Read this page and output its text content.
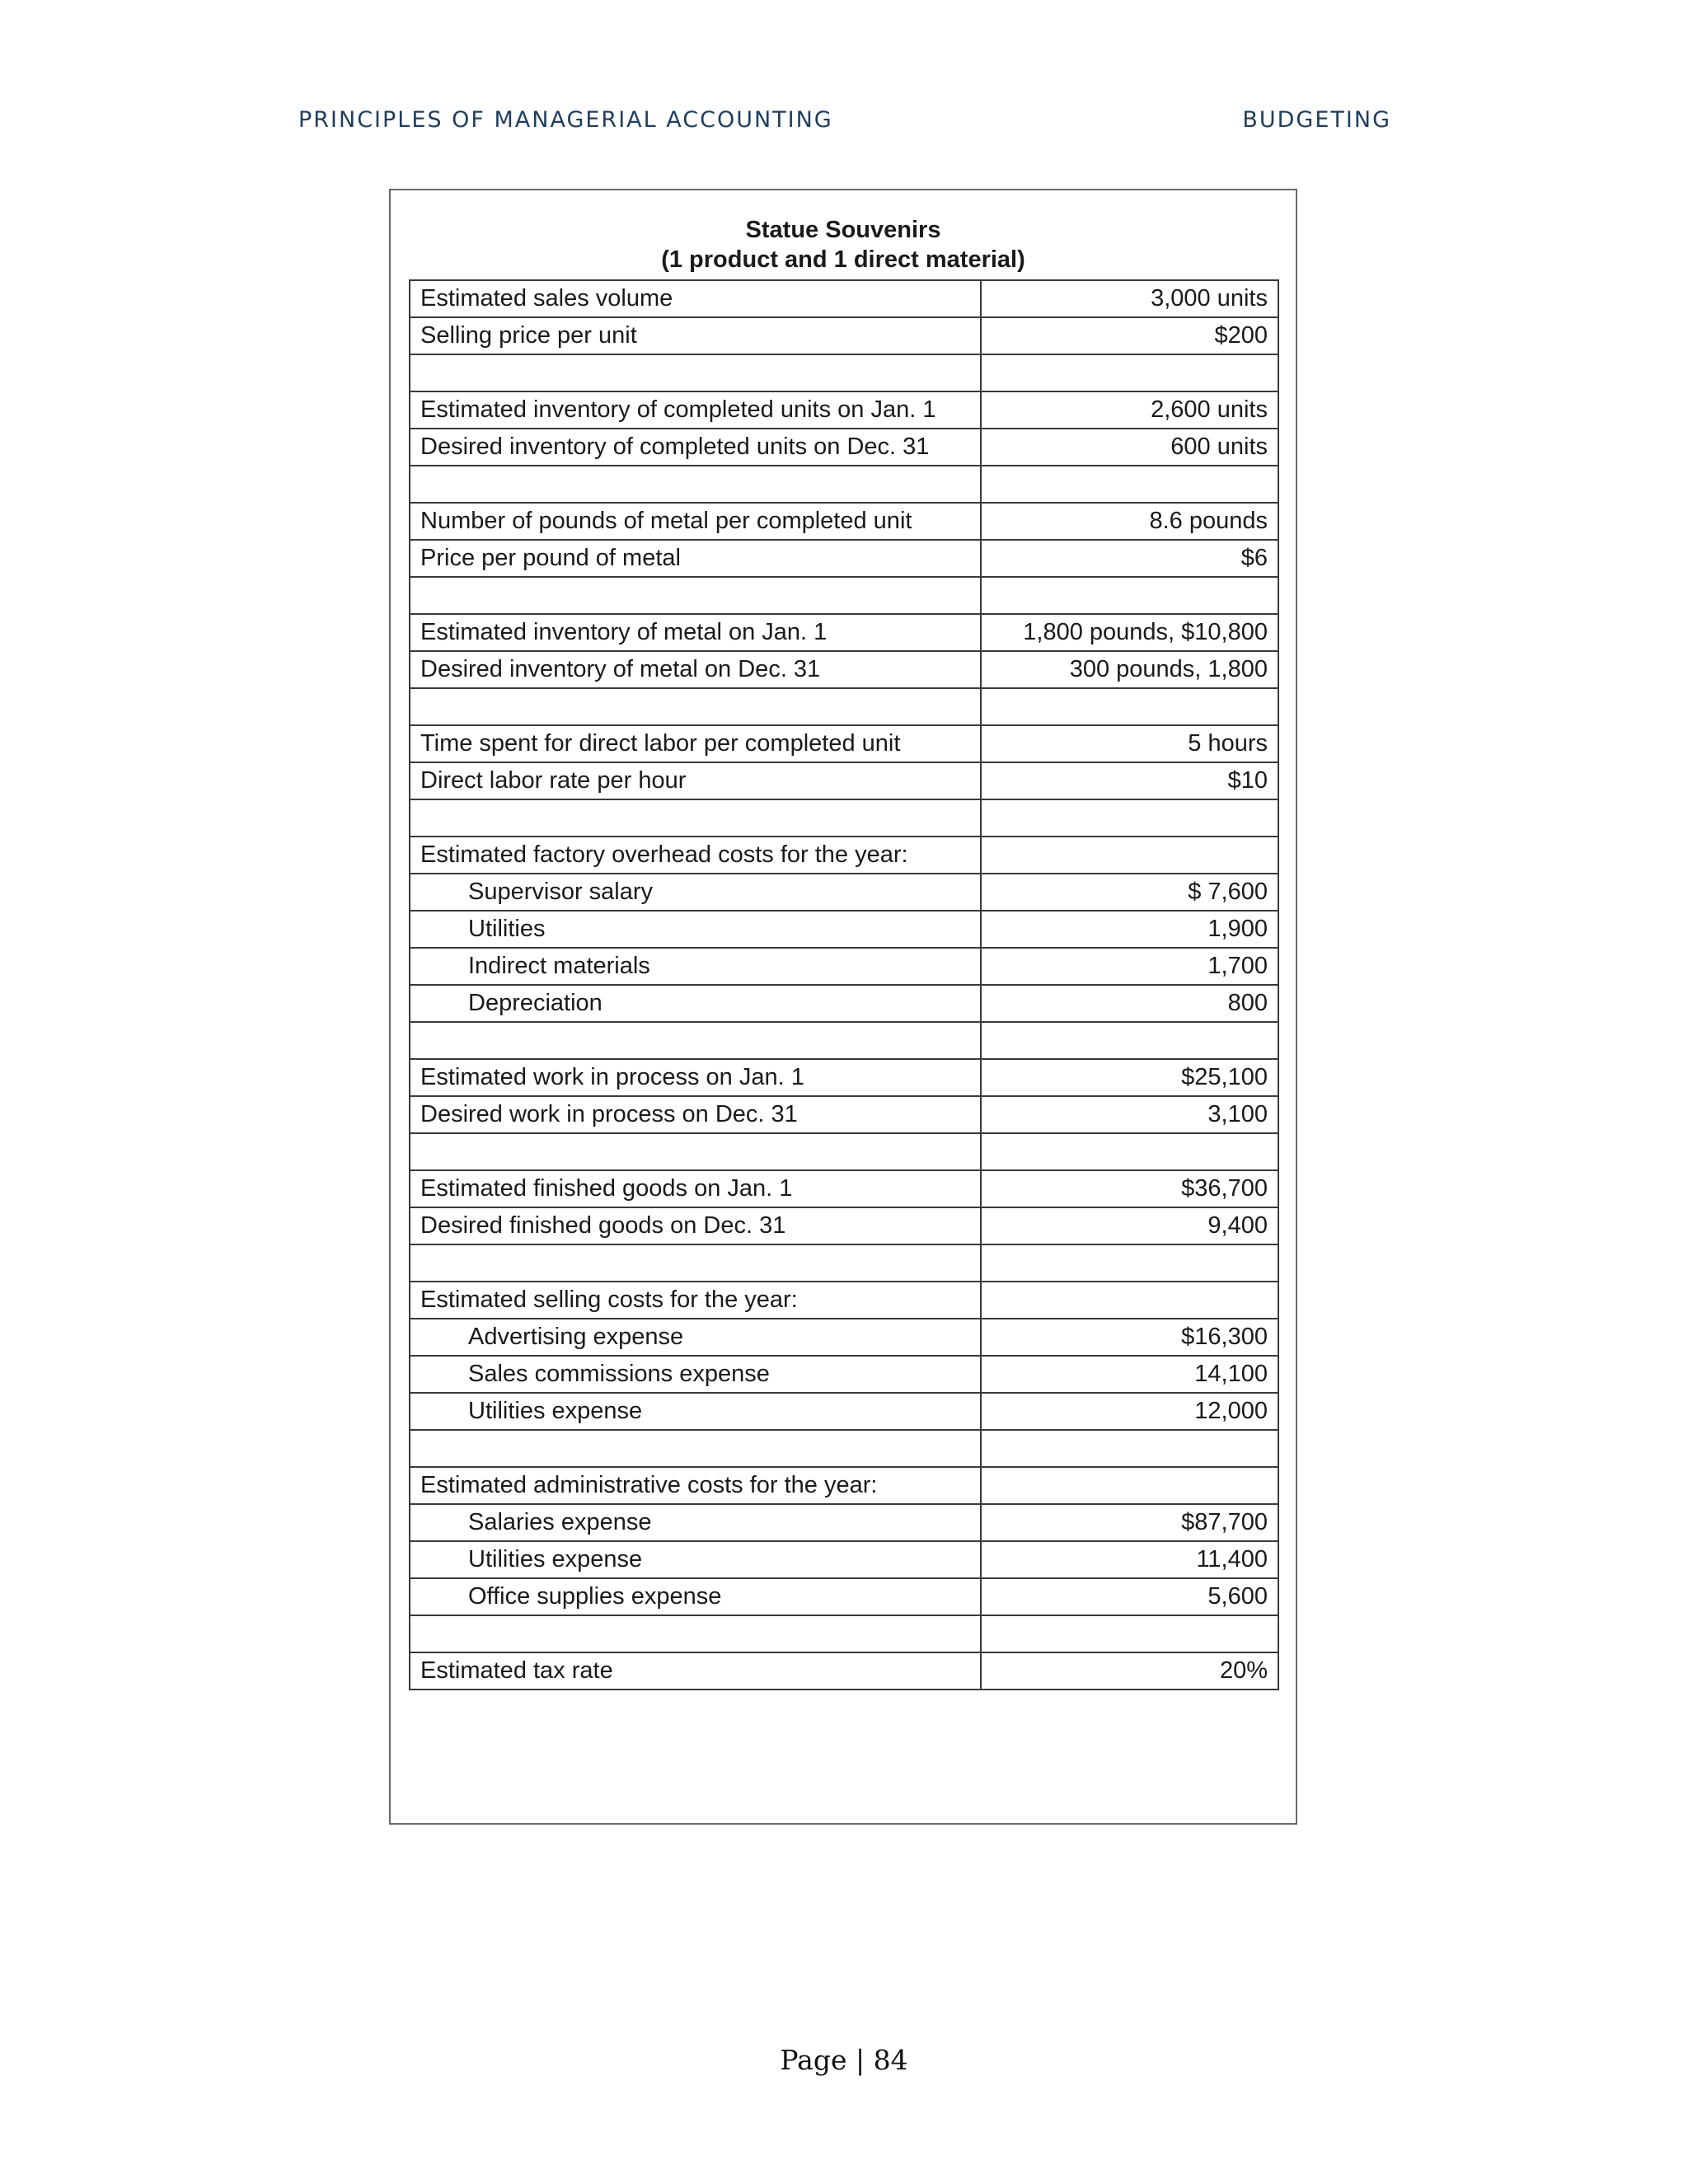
PRINCIPLES OF MANAGERIAL ACCOUNTING	BUDGETING
Statue Souvenirs
(1 product and 1 direct material)
Estimated sales volume	3,000 units
Selling price per unit	$200

Estimated inventory of completed units on Jan. 1	2,600 units
Desired inventory of completed units on Dec. 31	600 units

Number of pounds of metal per completed unit	8.6 pounds
Price per pound of metal	$6

Estimated inventory of metal on Jan. 1	1,800 pounds, $10,800
Desired inventory of metal on Dec. 31	300 pounds, 1,800

Time spent for direct labor per completed unit	5 hours
Direct labor rate per hour	$10

Estimated factory overhead costs for the year:	
Supervisor salary	$ 7,600
Utilities	1,900
Indirect materials	1,700
Depreciation	800

Estimated work in process on Jan. 1	$25,100
Desired work in process on Dec. 31	3,100

Estimated finished goods on Jan. 1	$36,700
Desired finished goods on Dec. 31	9,400

Estimated selling costs for the year:	
Advertising expense	$16,300
Sales commissions expense	14,100
Utilities expense	12,000

Estimated administrative costs for the year:	
Salaries expense	$87,700
Utilities expense	11,400
Office supplies expense	5,600

Estimated tax rate	20%
Page | 84
